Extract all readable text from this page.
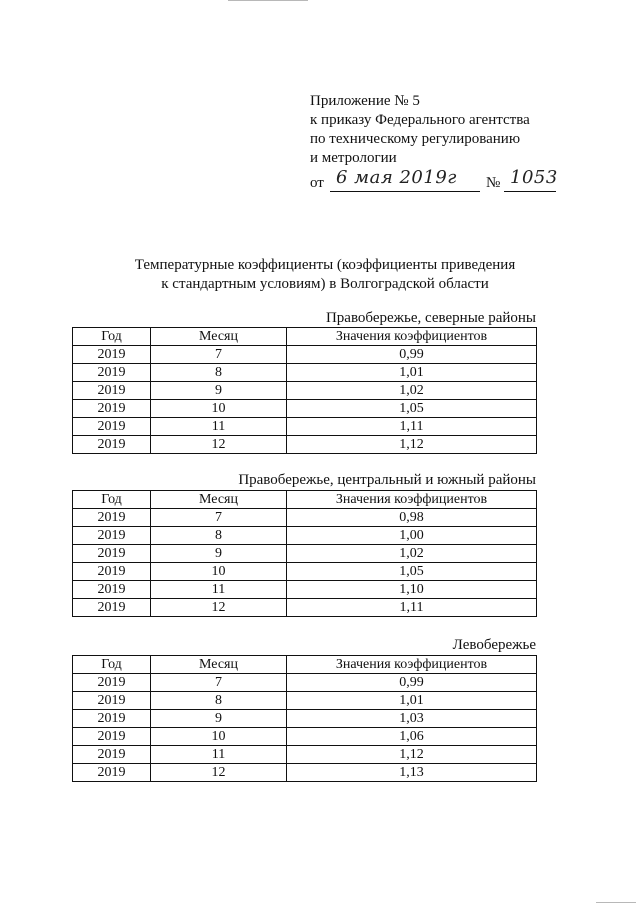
Приложение № 5
к приказу Федерального агентства
по техническому регулированию
и метрологии
от 6 мая 2019г № 1053
Температурные коэффициенты (коэффициенты приведения
к стандартным условиям) в Волгоградской области
Правобережье, северные районы
Год	Месяц	Значения коэффициентов
2019	7	0,99
2019	8	1,01
2019	9	1,02
2019	10	1,05
2019	11	1,11
2019	12	1,12
Правобережье, центральный и южный районы
Год	Месяц	Значения коэффициентов
2019	7	0,98
2019	8	1,00
2019	9	1,02
2019	10	1,05
2019	11	1,10
2019	12	1,11
Левобережье
Год	Месяц	Значения коэффициентов
2019	7	0,99
2019	8	1,01
2019	9	1,03
2019	10	1,06
2019	11	1,12
2019	12	1,13
